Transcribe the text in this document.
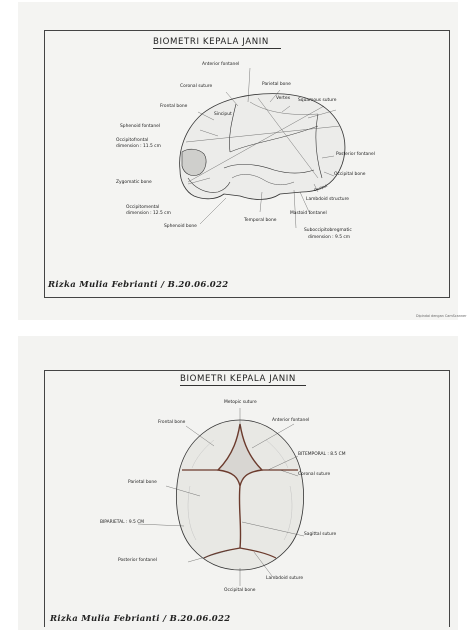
BIOMETRI KEPALA JANIN
Anterior fontanel
Coronal suture	Parietal bone
Vertex Squamous suture
Frontal bone
Sinciput
Sphenoid fontanel
Occipitofrontal
dimension : 11.5 cm
Posterior fontanel
Occipital bone
Occiput
Zygomatic bone
Lambdoid structure
Occipitomental
dimension : 12.5 cm	Mastoid fontanel
Temporal bone
Sphenoid bone
Suboccipitobregmatic
dimension : 9.5 cm
Rizka Mulia Febrianti / B.20.06.022
Dipindai dengan CamScanner
BIOMETRI KEPALA JANIN
Metopic suture
Frontal bone	Anterior fontanel
BITEMPORAL : 8.5 CM
Coronal suture
Parietal bone
BIPARIETAL : 9.5 CM
Sagittal suture
Posterior fontanel
Lambdoid suture
Occipital bone
Rizka Mulia Febrianti / B.20.06.022
